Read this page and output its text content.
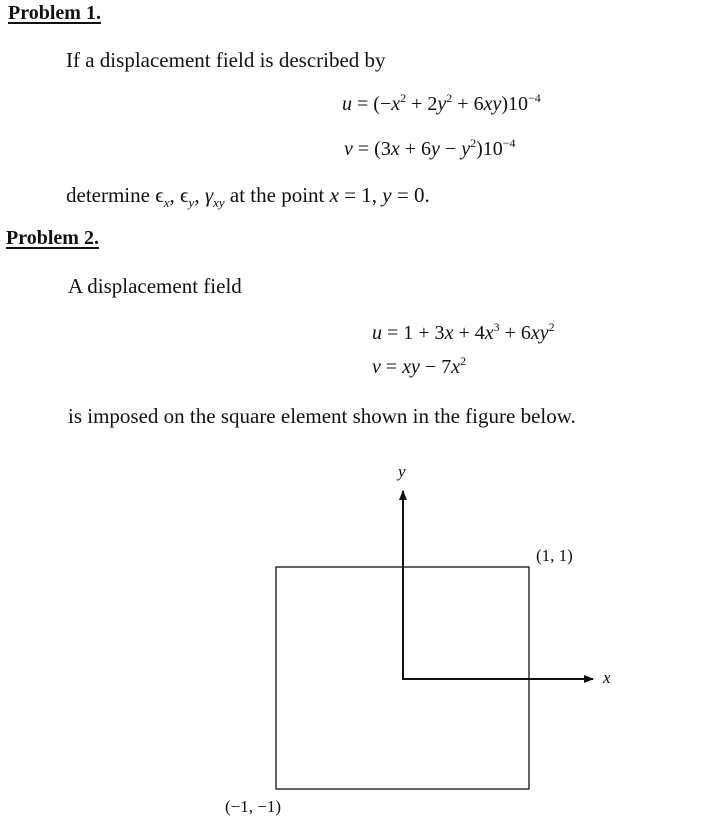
Problem 1.
If a displacement field is described by
$u = (-x^2 + 2y^2 + 6xy)10^{-4}$
$v = (3x + 6y - y^2)10^{-4}$
determine $\epsilon_x$, $\epsilon_y$, $\gamma_{xy}$ at the point x = 1, y = 0.
Problem 2.
A displacement field
$u = 1 + 3x + 4x^3 + 6xy^2$
v = xy − $7x^2$
is imposed on the square element shown in the figure below.
y
x
(1, 1)
(−1, −1)
